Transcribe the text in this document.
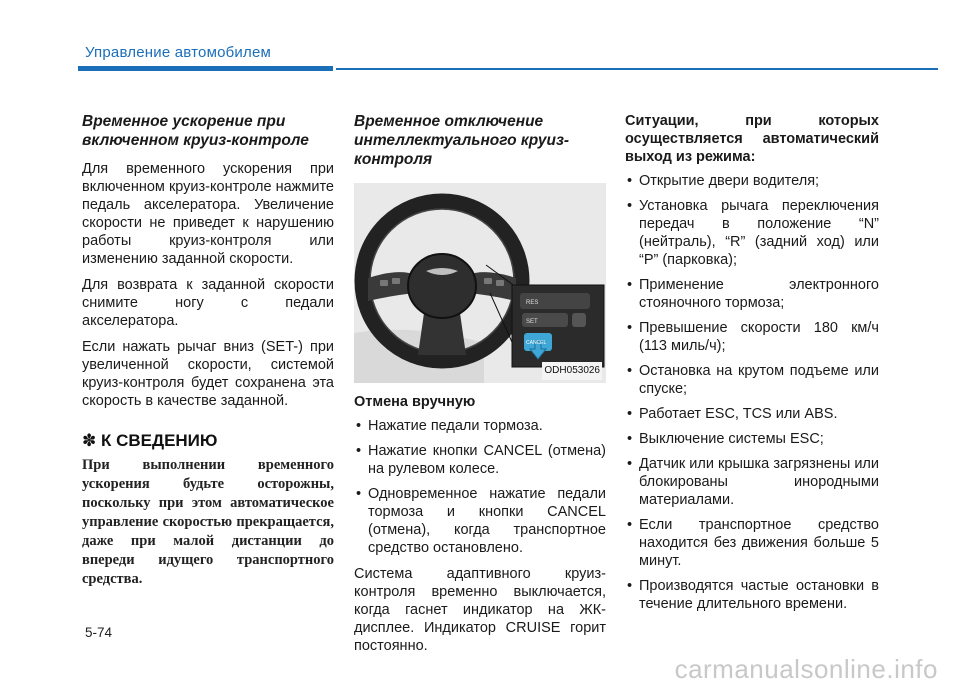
Управление автомобилем
Временное ускорение при включенном круиз-контроле

Для временного ускорения при включенном круиз-контроле нажмите педаль акселератора. Увеличение скорости не приведет к нарушению работы круиз-контроля или изменению заданной скорости.

Для возврата к заданной скорости снимите ногу с педали акселератора.

Если нажать рычаг вниз (SET-) при увеличенной скорости, системой круиз-контроля будет сохранена эта скорость в качестве заданной.

✽ К СВЕДЕНИЮ
При выполнении временного ускорения будьте осторожны, поскольку при этом автоматическое управление скоростью прекращается, даже при малой дистанции до впереди идущего транспортного средства.
Временное отключение интеллектуального круиз-контроля
RES
SET
CANCEL
ODH053026
Отмена вручную
• Нажатие педали тормоза.
• Нажатие кнопки CANCEL (отмена) на рулевом колесе.
• Одновременное нажатие педали тормоза и кнопки CANCEL (отмена), когда транспортное средство остановлено.

Система адаптивного круиз-контроля временно выключается, когда гаснет индикатор на ЖК-дисплее. Индикатор CRUISE горит постоянно.

Ситуации, при которых осуществляется автоматический выход из режима:
• Открытие двери водителя;
• Установка рычага переключения передач в положение “N” (нейтраль), “R” (задний ход) или “P” (парковка);
• Применение электронного стояночного тормоза;
• Превышение скорости 180 км/ч (113 миль/ч);
• Остановка на крутом подъеме или спуске;
• Работает ESC, TCS или ABS.
• Выключение системы ESC;
• Датчик или крышка загрязнены или блокированы инородными материалами.
• Если транспортное средство находится без движения больше 5 минут.
• Производятся частые остановки в течение длительного времени.
5-74
carmanualsonline.info
